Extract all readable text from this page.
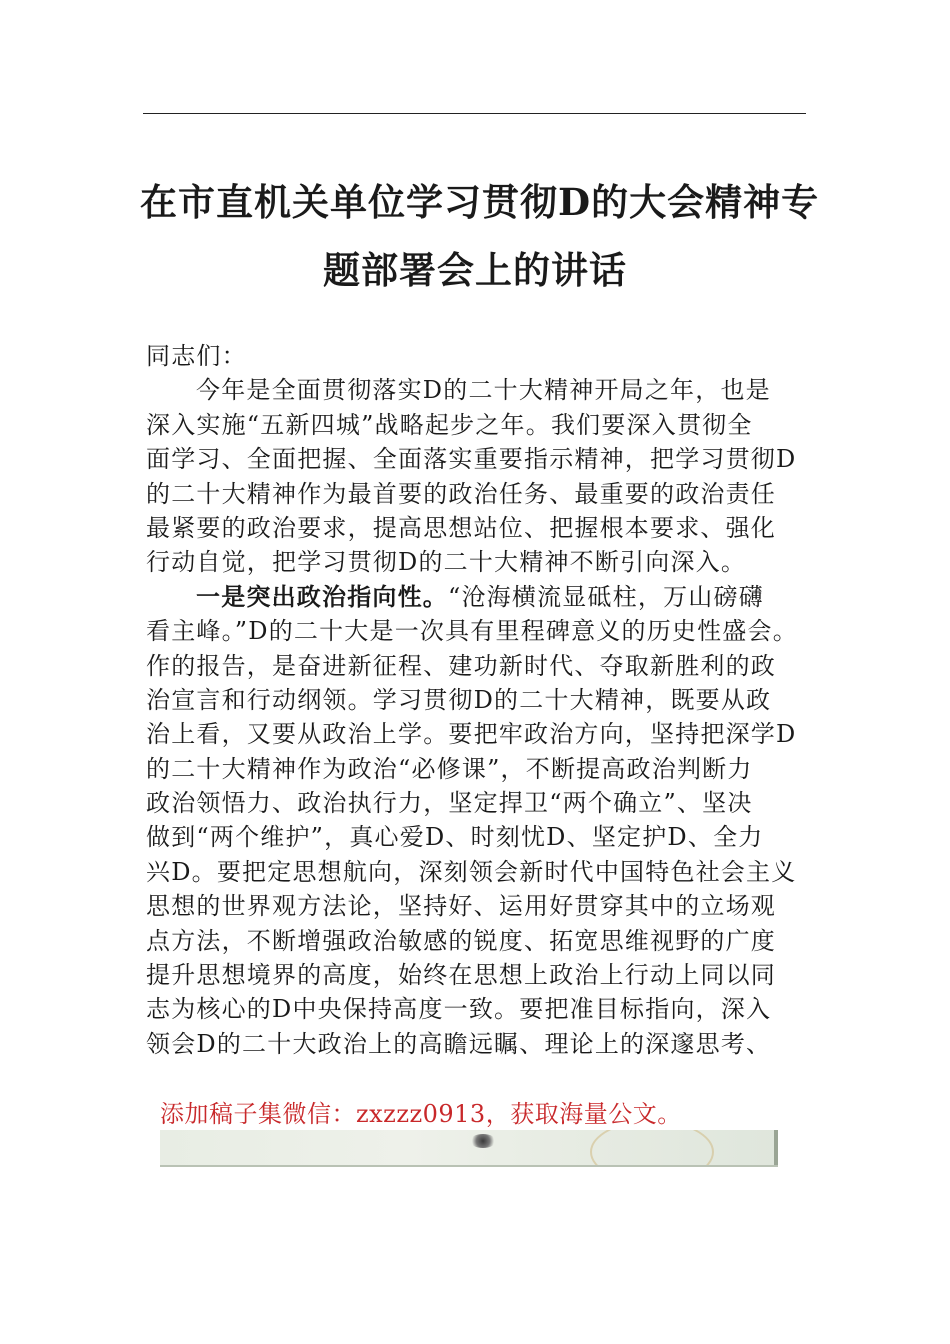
在市直机关单位学习贯彻D的大会精神专
题部署会上的讲话
同志们：
今年是全面贯彻落实D的二十大精神开局之年，也是
深入实施“五新四城”战略起步之年。我们要深入贯彻全
面学习、全面把握、全面落实重要指示精神，把学习贯彻D
的二十大精神作为最首要的政治任务、最重要的政治责任
最紧要的政治要求，提高思想站位、把握根本要求、强化
行动自觉，把学习贯彻D的二十大精神不断引向深入。
一是突出政治指向性。“沧海横流显砥柱，万山磅礴
看主峰。”D的二十大是一次具有里程碑意义的历史性盛会。
作的报告，是奋进新征程、建功新时代、夺取新胜利的政
治宣言和行动纲领。学习贯彻D的二十大精神，既要从政
治上看，又要从政治上学。要把牢政治方向，坚持把深学D
的二十大精神作为政治“必修课”，不断提高政治判断力
政治领悟力、政治执行力，坚定捍卫“两个确立”、坚决
做到“两个维护”，真心爱D、时刻忧D、坚定护D、全力
兴D。要把定思想航向，深刻领会新时代中国特色社会主义
思想的世界观方法论，坚持好、运用好贯穿其中的立场观
点方法，不断增强政治敏感的锐度、拓宽思维视野的广度
提升思想境界的高度，始终在思想上政治上行动上同以同
志为核心的D中央保持高度一致。要把准目标指向，深入
领会D的二十大政治上的高瞻远瞩、理论上的深邃思考、
添加稿子集微信：zxzzz0913，获取海量公文。
